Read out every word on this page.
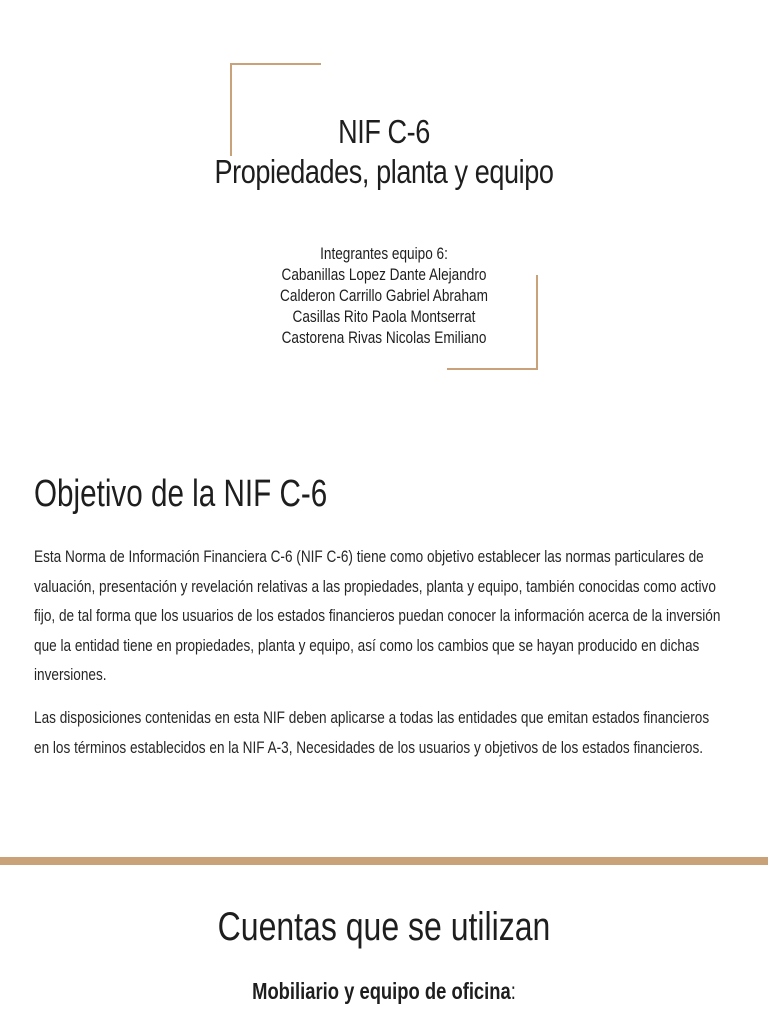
NIF C-6
Propiedades, planta y equipo
Integrantes equipo 6:
Cabanillas Lopez Dante Alejandro
Calderon Carrillo Gabriel Abraham
Casillas Rito Paola Montserrat
Castorena Rivas Nicolas Emiliano
Objetivo de la NIF C-6
Esta Norma de Información Financiera C-6 (NIF C-6) tiene como objetivo establecer las normas particulares de valuación, presentación y revelación relativas a las propiedades, planta y equipo, también conocidas como activo fijo, de tal forma que los usuarios de los estados financieros puedan conocer la información acerca de la inversión que la entidad tiene en propiedades, planta y equipo, así como los cambios que se hayan producido en dichas inversiones.
Las disposiciones contenidas en esta NIF deben aplicarse a todas las entidades que emitan estados financieros en los términos establecidos en la NIF A-3, Necesidades de los usuarios y objetivos de los estados financieros.
Cuentas que se utilizan
Mobiliario y equipo de oficina:
